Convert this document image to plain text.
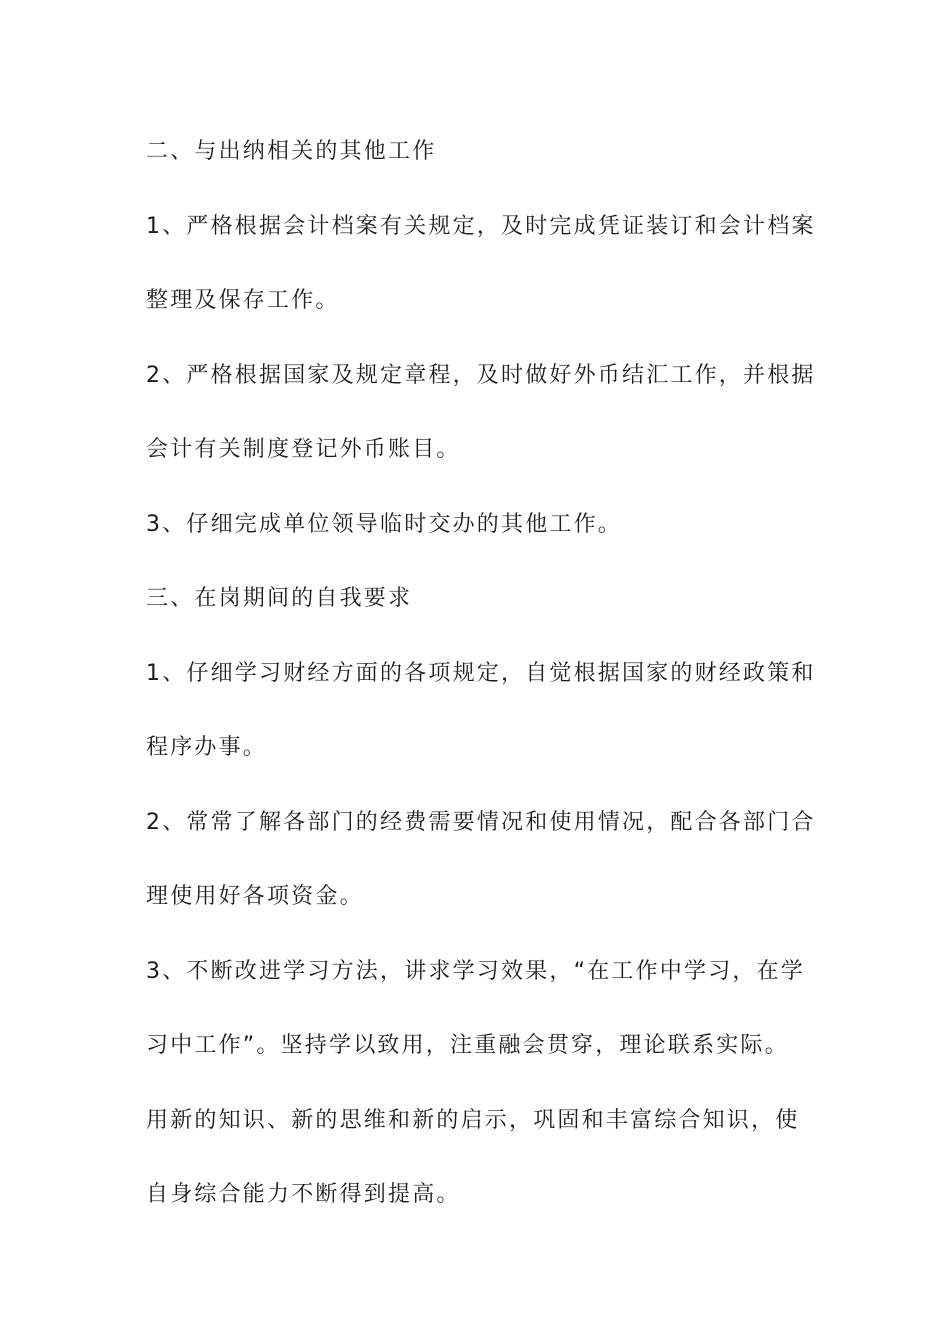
二、与出纳相关的其他工作
1、严格根据会计档案有关规定，及时完成凭证装订和会计档案
整理及保存工作。
2、严格根据国家及规定章程，及时做好外币结汇工作，并根据
会计有关制度登记外币账目。
3、仔细完成单位领导临时交办的其他工作。
三、在岗期间的自我要求
1、仔细学习财经方面的各项规定，自觉根据国家的财经政策和
程序办事。
2、常常了解各部门的经费需要情况和使用情况，配合各部门合
理使用好各项资金。
3、不断改进学习方法，讲求学习效果，“在工作中学习，在学
习中工作”。坚持学以致用，注重融会贯穿，理论联系实际。
用新的知识、新的思维和新的启示，巩固和丰富综合知识，使
自身综合能力不断得到提高。
